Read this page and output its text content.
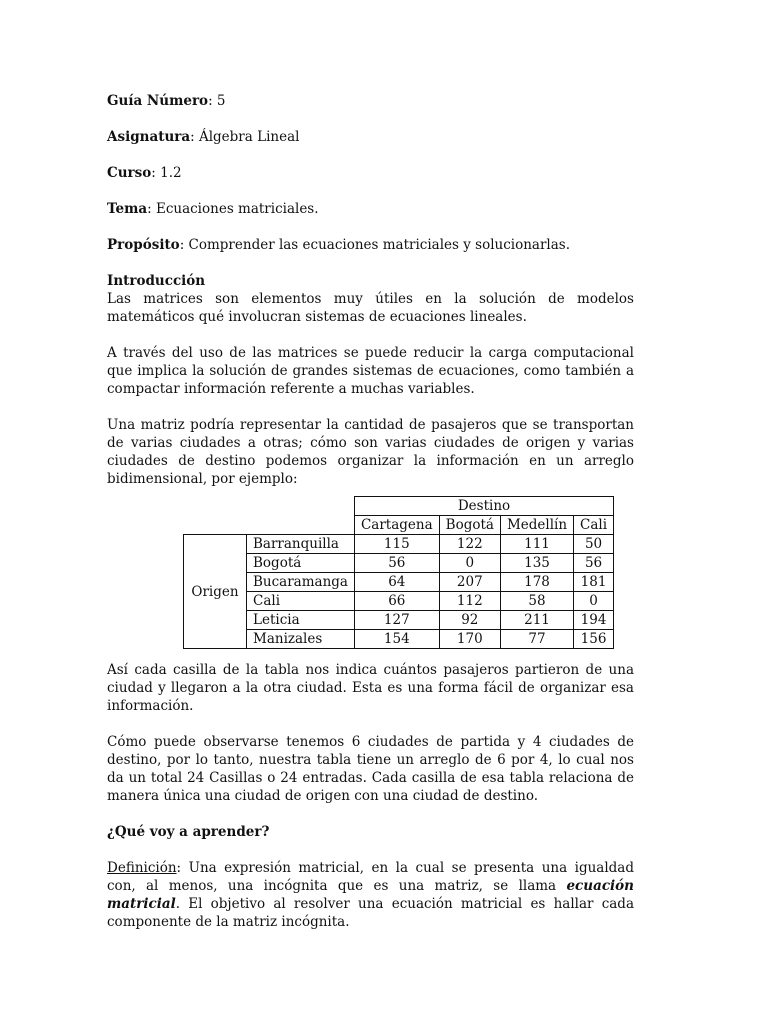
Guía Número: 5
Asignatura: Álgebra Lineal
Curso: 1.2
Tema: Ecuaciones matriciales.
Propósito: Comprender las ecuaciones matriciales y solucionarlas.

Introducción

Las matrices son elementos muy útiles en la solución de modelos matemáticos qué involucran sistemas de ecuaciones lineales.

A través del uso de las matrices se puede reducir la carga computacional que implica la solución de grandes sistemas de ecuaciones, como también a compactar información referente a muchas variables.

Una matriz podría representar la cantidad de pasajeros que se transportan de varias ciudades a otras; cómo son varias ciudades de origen y varias ciudades de destino podemos organizar la información en un arreglo bidimensional, por ejemplo:

		Destino			
		Cartagena	Bogotá	Medellín	Cali
Origen	Barranquilla	115	122	111	50
	Bogotá	56	0	135	56
	Bucaramanga	64	207	178	181
	Cali	66	112	58	0
	Leticia	127	92	211	194
	Manizales	154	170	77	156

Así cada casilla de la tabla nos indica cuántos pasajeros partieron de una ciudad y llegaron a la otra ciudad. Esta es una forma fácil de organizar esa información.

Cómo puede observarse tenemos 6 ciudades de partida y 4 ciudades de destino, por lo tanto, nuestra tabla tiene un arreglo de 6 por 4, lo cual nos da un total 24 Casillas o 24 entradas. Cada casilla de esa tabla relaciona de manera única una ciudad de origen con una ciudad de destino.

¿Qué voy a aprender?

Definición: Una expresión matricial, en la cual se presenta una igualdad con, al menos, una incógnita que es una matriz, se llama ecuación matricial. El objetivo al resolver una ecuación matricial es hallar cada componente de la matriz incógnita.
